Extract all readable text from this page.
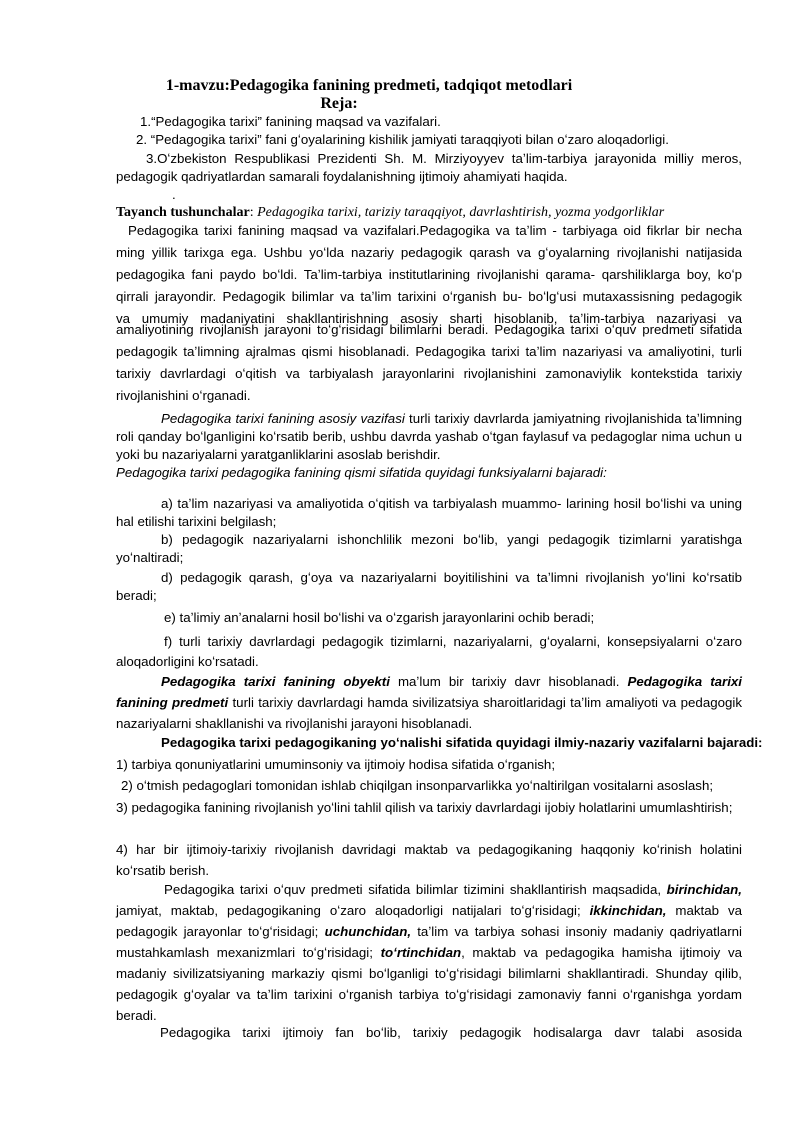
1-mavzu:Pedagogika fanining predmeti, tadqiqot metodlari
Reja:
1.“Pedagogika tarixi” fanining maqsad va vazifalari.
2. “Pedagogika tarixi” fani gʻoyalarining kishilik jamiyati taraqqiyoti bilan oʻzaro aloqadorligi.
3.Oʻzbekiston Respublikasi Prezidenti Sh. M. Mirziyoyyev taʼlim-tarbiya jarayonida milliy meros,
pedagogik qadriyatlardan samarali foydalanishning ijtimoiy ahamiyati haqida.
.
Tayanch tushunchalar: Pedagogika tarixi, tariziy taraqqiyot, davrlashtirish, yozma yodgorliklar
Pedagogika tarixi fanining maqsad va vazifalari.Pedagogika va taʼlim - tarbiyaga oid fikrlar bir necha
ming yillik tarixga ega. Ushbu yoʻlda nazariy pedagogik qarash va gʻoyalarning rivojlanishi natijasida
pedagogika fani paydo boʻldi. Taʼlim-tarbiya institutlarining rivojlanishi qarama- qarshiliklarga boy, koʻp
qirrali jarayondir. Pedagogik bilimlar va taʼlim tarixini oʻrganish bu- boʻlgʻusi mutaxassisning pedagogik
va umumiy madaniyatini shakllantirishning asosiy sharti hisoblanib, taʼlim-tarbiya nazariyasi va
amaliyotining rivojlanish jarayoni toʻgʻrisidagi bilimlarni beradi. Pedagogika tarixi oʻquv predmeti sifatida
pedagogik taʼlimning ajralmas qismi hisoblanadi. Pedagogika tarixi taʼlim nazariyasi va amaliyotini, turli
tarixiy davrlardagi oʻqitish va tarbiyalash jarayonlarini rivojlanishini zamonaviylik kontekstida tarixiy
rivojlanishini oʻrganadi.

Pedagogika tarixi fanining asosiy vazifasi turli tarixiy davrlarda jamiyatning rivojlanishida taʼlimning roli qanday boʻlganligini koʻrsatib berib, ushbu davrda yashab oʻtgan faylasuf va pedagoglar nima uchun u yoki bu nazariyalarni yaratganliklarini asoslab berishdir.

Pedagogika tarixi pedagogika fanining qismi sifatida quyidagi funksiyalarni bajaradi:

a) taʼlim nazariyasi va amaliyotida oʻqitish va tarbiyalash muammo- larining hosil boʻlishi va uning hal etilishi tarixini belgilash;

b) pedagogik nazariyalarni ishonchlilik mezoni boʻlib, yangi pedagogik tizimlarni yaratishga yoʻnaltiradi;

d) pedagogik qarash, gʻoya va nazariyalarni boyitilishini va taʼlimni rivojlanish yoʻlini koʻrsatib beradi;

e) taʼlimiy anʼanalarni hosil boʻlishi va oʻzgarish jarayonlarini ochib beradi;

f) turli tarixiy davrlardagi pedagogik tizimlarni, nazariyalarni, gʻoyalarni, konsepsiyalarni oʻzaro aloqadorligini koʻrsatadi.

Pedagogika tarixi fanining obyekti maʼlum bir tarixiy davr hisoblanadi. Pedagogika tarixi fanining predmeti turli tarixiy davrlardagi hamda sivilizatsiya sharoitlaridagi taʼlim amaliyoti va pedagogik nazariyalarni shakllanishi va rivojlanishi jarayoni hisoblanadi.

Pedagogika tarixi pedagogikaning yoʻnalishi sifatida quyidagi ilmiy-nazariy vazifalarni bajaradi:
1) tarbiya qonuniyatlarini umuminsoniy va ijtimoiy hodisa sifatida oʻrganish;
2) oʻtmish pedagoglari tomonidan ishlab chiqilgan insonparvarlikka yoʻnaltirilgan vositalarni asoslash;

3) pedagogika fanining rivojlanish yoʻlini tahlil qilish va tarixiy davrlardagi ijobiy holatlarini umumlashtirish;

4) har bir ijtimoiy-tarixiy rivojlanish davridagi maktab va pedagogikaning haqqoniy koʻrinish holatini koʻrsatib berish.

Pedagogika tarixi oʻquv predmeti sifatida bilimlar tizimini shakllantirish maqsadida, birinchidan, jamiyat, maktab, pedagogikaning oʻzaro aloqadorligi natijalari toʻgʻrisidagi; ikkinchidan, maktab va pedagogik jarayonlar toʻgʻrisidagi; uchunchidan, taʼlim va tarbiya sohasi insoniy madaniy qadriyatlarni mustahkamlash mexanizmlari toʻgʻrisidagi; toʻrtinchidan, maktab va pedagogika hamisha ijtimoiy va madaniy sivilizatsiyaning markaziy qismi boʻlganligi toʻgʻrisidagi bilimlarni shakllantiradi. Shunday qilib, pedagogik gʻoyalar va taʼlim tarixini oʻrganish tarbiya toʻgʻrisidagi zamonaviy fanni oʻrganishga yordam beradi.

Pedagogika tarixi ijtimoiy fan boʻlib, tarixiy pedagogik hodisalarga davr talabi asosida
